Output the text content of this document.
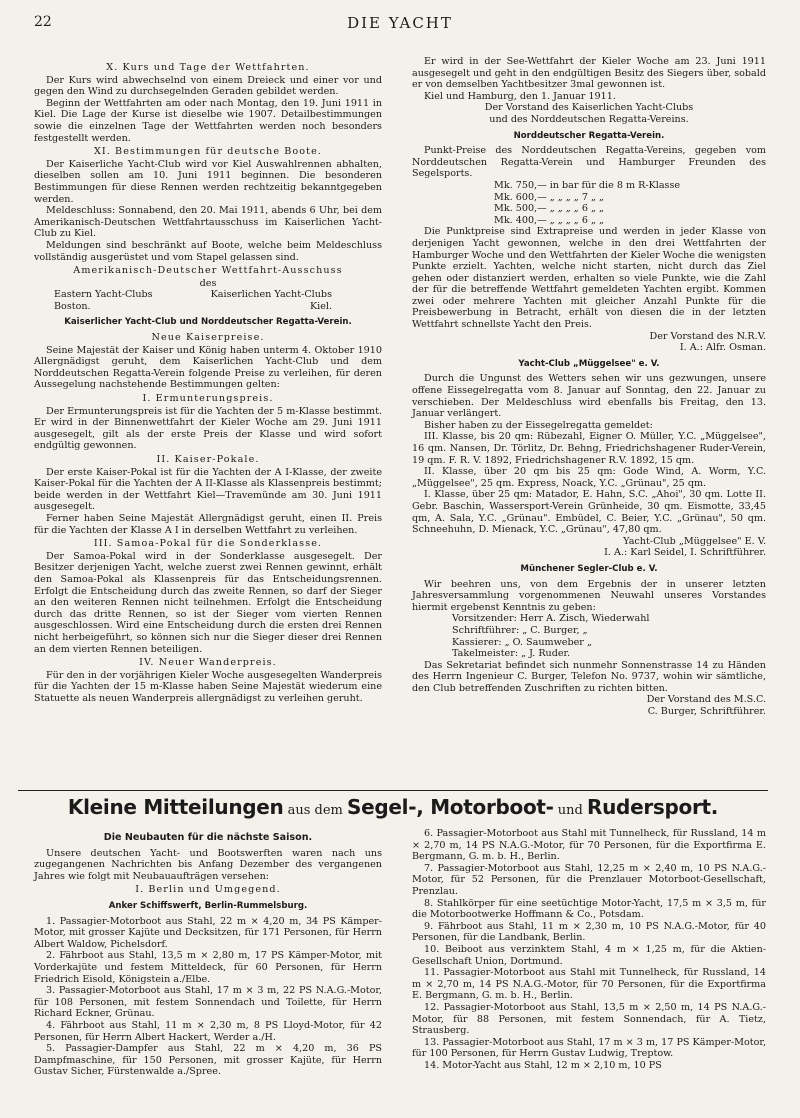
22	DIE YACHT
X. Kurs und Tage der Wettfahrten.

Der Kurs wird abwechselnd von einem Dreieck und einer vor und gegen den Wind zu durchsegelnden Geraden gebildet werden.

Beginn der Wettfahrten am oder nach Montag, den 19. Juni 1911 in Kiel. Die Lage der Kurse ist dieselbe wie 1907. Detailbestimmungen sowie die einzelnen Tage der Wettfahrten werden noch besonders festgestellt werden.

XI. Bestimmungen für deutsche Boote.

Der Kaiserliche Yacht-Club wird vor Kiel Auswahlrennen abhalten, dieselben sollen am 10. Juni 1911 beginnen. Die besonderen Bestimmungen für diese Rennen werden rechtzeitig bekanntgegeben werden.

Meldeschluss: Sonnabend, den 20. Mai 1911, abends 6 Uhr, bei dem Amerikanisch-Deutschen Wettfahrtausschuss im Kaiserlichen Yacht-Club zu Kiel.

Meldungen sind beschränkt auf Boote, welche beim Meldeschluss vollständig ausgerüstet und vom Stapel gelassen sind.

Amerikanisch-Deutscher Wettfahrt-Ausschuss
des
Eastern Yacht-Clubs	Kaiserlichen Yacht-Clubs
Boston.	Kiel.
Kaiserlicher Yacht-Club und Norddeutscher Regatta-Verein.
Neue Kaiserpreise.

Seine Majestät der Kaiser und König haben unterm 4. Oktober 1910 Allergnädigst geruht, dem Kaiserlichen Yacht-Club und dem Norddeutschen Regatta-Verein folgende Preise zu verleihen, für deren Aussegelung nachstehende Bestimmungen gelten:

I. Ermunterungspreis.

Der Ermunterungspreis ist für die Yachten der 5 m-Klasse bestimmt. Er wird in der Binnenwettfahrt der Kieler Woche am 29. Juni 1911 ausgesegelt, gilt als der erste Preis der Klasse und wird sofort endgültig gewonnen.

II. Kaiser-Pokale.

Der erste Kaiser-Pokal ist für die Yachten der A I-Klasse, der zweite Kaiser-Pokal für die Yachten der A II-Klasse als Klassenpreis bestimmt; beide werden in der Wettfahrt Kiel—Travemünde am 30. Juni 1911 ausgesegelt.

Ferner haben Seine Majestät Allergnädigst geruht, einen II. Preis für die Yachten der Klasse A I in derselben Wettfahrt zu verleihen.

III. Samoa-Pokal für die Sonderklasse.

Der Samoa-Pokal wird in der Sonderklasse ausgesegelt. Der Besitzer derjenigen Yacht, welche zuerst zwei Rennen gewinnt, erhält den Samoa-Pokal als Klassenpreis für das Entscheidungsrennen. Erfolgt die Entscheidung durch das zweite Rennen, so darf der Sieger an den weiteren Rennen nicht teilnehmen. Erfolgt die Entscheidung durch das dritte Rennen, so ist der Sieger vom vierten Rennen ausgeschlossen. Wird eine Entscheidung durch die ersten drei Rennen nicht herbeigeführt, so können sich nur die Sieger dieser drei Rennen an dem vierten Rennen beteiligen.

IV. Neuer Wanderpreis.

Für den in der vorjährigen Kieler Woche ausgesegelten Wanderpreis für die Yachten der 15 m-Klasse haben Seine Majestät wiederum eine Statuette als neuen Wanderpreis allergnädigst zu verleihen geruht.

Er wird in der See-Wettfahrt der Kieler Woche am 23. Juni 1911 ausgesegelt und geht in den endgültigen Besitz des Siegers über, sobald er von demselben Yachtbesitzer 3mal gewonnen ist.

Kiel und Hamburg, den 1. Januar 1911.

Der Vorstand des Kaiserlichen Yacht-Clubs
und des Norddeutschen Regatta-Vereins.
Norddeutscher Regatta-Verein.

Punkt-Preise des Norddeutschen Regatta-Vereins, gegeben vom Norddeutschen Regatta-Verein und Hamburger Freunden des Segelsports.

Mk. 750,— in bar für die 8 m R-Klasse
Mk. 600,— „ „ „ „ 7 „ „
Mk. 500,— „ „ „ „ 6 „ „
Mk. 400,— „ „ „ „ 6 „ „

Die Punktpreise sind Extrapreise und werden in jeder Klasse von derjenigen Yacht gewonnen, welche in den drei Wettfahrten der Hamburger Woche und den Wettfahrten der Kieler Woche die wenigsten Punkte erzielt. Yachten, welche nicht starten, nicht durch das Ziel gehen oder distanziert werden, erhalten so viele Punkte, wie die Zahl der für die betreffende Wettfahrt gemeldeten Yachten ergibt. Kommen zwei oder mehrere Yachten mit gleicher Anzahl Punkte für die Preisbewerbung in Betracht, erhält von diesen die in der letzten Wettfahrt schnellste Yacht den Preis.

Der Vorstand des N.R.V.
I. A.: Alfr. Osman.
Yacht-Club „Müggelsee" e. V.

Durch die Ungunst des Wetters sehen wir uns gezwungen, unsere offene Eissegelregatta vom 8. Januar auf Sonntag, den 22. Januar zu verschieben. Der Meldeschluss wird ebenfalls bis Freitag, den 13. Januar verlängert.

Bisher haben zu der Eissegelregatta gemeldet:

III. Klasse, bis 20 qm: Rübezahl, Eigner O. Müller, Y.C. „Müggelsee", 16 qm. Nansen, Dr. Törlitz, Dr. Behng, Friedrichshagener Ruder-Verein, 19 qm. F. R. V. 1892, Friedrichshagener R.V. 1892, 15 qm.

II. Klasse, über 20 qm bis 25 qm: Gode Wind, A. Worm, Y.C. „Müggelsee", 25 qm. Express, Noack, Y.C. „Grünau", 25 qm.

I. Klasse, über 25 qm: Matador, E. Hahn, S.C. „Ahoi", 30 qm. Lotte II. Gebr. Baschin, Wassersport-Verein Grünheide, 30 qm. Eismotte, 33,45 qm, A. Sala, Y.C. „Grünau". Embüdel, C. Beier, Y.C. „Grünau", 50 qm. Schneehuhn, D. Mienack, Y.C. „Grünau", 47,80 qm.

Yacht-Club „Müggelsee" E. V.
I. A.: Karl Seidel, I. Schriftführer.
Münchener Segler-Club e. V.

Wir beehren uns, von dem Ergebnis der in unserer letzten Jahresversammlung vorgenommenen Neuwahl unseres Vorstandes hiermit ergebenst Kenntnis zu geben:

Vorsitzender: Herr A. Zisch, Wiederwahl
Schriftführer: „ C. Burger, „
Kassierer: „ O. Saumweber „
Takelmeister: „ J. Ruder.

Das Sekretariat befindet sich nunmehr Sonnenstrasse 14 zu Händen des Herrn Ingenieur C. Burger, Telefon No. 9737, wohin wir sämtliche, den Club betreffenden Zuschriften zu richten bitten.

Der Vorstand des M.S.C.
C. Burger, Schriftführer.
Kleine Mitteilungen aus dem Segel-, Motorboot- und Rudersport.
Die Neubauten für die nächste Saison.

Unsere deutschen Yacht- und Bootswerften waren nach uns zugegangenen Nachrichten bis Anfang Dezember des vergangenen Jahres wie folgt mit Neubauaufträgen versehen:

I. Berlin und Umgegend.
Anker Schiffswerft, Berlin-Rummelsburg.

1. Passagier-Motorboot aus Stahl, 22 m × 4,20 m, 34 PS Kämper-Motor, mit grosser Kajüte und Decksitzen, für 171 Personen, für Herrn Albert Waldow, Pichelsdorf.

2. Fährboot aus Stahl, 13,5 m × 2,80 m, 17 PS Kämper-Motor, mit Vorderkajüte und festem Mitteldeck, für 60 Personen, für Herrn Friedrich Eisold, Königstein a./Elbe.

3. Passagier-Motorboot aus Stahl, 17 m × 3 m, 22 PS N.A.G.-Motor, für 108 Personen, mit festem Sonnendach und Toilette, für Herrn Richard Eckner, Grünau.

4. Fährboot aus Stahl, 11 m × 2,30 m, 8 PS Lloyd-Motor, für 42 Personen, für Herrn Albert Hackert, Werder a./H.

5. Passagier-Dampfer aus Stahl, 22 m × 4,20 m, 36 PS Dampfmaschine, für 150 Personen, mit grosser Kajüte, für Herrn Gustav Sicher, Fürstenwalde a./Spree.

6. Passagier-Motorboot aus Stahl mit Tunnelheck, für Russland, 14 m × 2,70 m, 14 PS N.A.G.-Motor, für 70 Personen, für die Exportfirma E. Bergmann, G. m. b. H., Berlin.

7. Passagier-Motorboot aus Stahl, 12,25 m × 2,40 m, 10 PS N.A.G.-Motor, für 52 Personen, für die Prenzlauer Motorboot-Gesellschaft, Prenzlau.

8. Stahlkörper für eine seetüchtige Motor-Yacht, 17,5 m × 3,5 m, für die Motorbootwerke Hoffmann & Co., Potsdam.

9. Fährboot aus Stahl, 11 m × 2,30 m, 10 PS N.A.G.-Motor, für 40 Personen, für die Landbank, Berlin.

10. Beiboot aus verzinktem Stahl, 4 m × 1,25 m, für die Aktien-Gesellschaft Union, Dortmund.

11. Passagier-Motorboot aus Stahl mit Tunnelheck, für Russland, 14 m × 2,70 m, 14 PS N.A.G.-Motor, für 70 Personen, für die Exportfirma E. Bergmann, G. m. b. H., Berlin.

12. Passagier-Motorboot aus Stahl, 13,5 m × 2,50 m, 14 PS N.A.G.-Motor, für 88 Personen, mit festem Sonnendach, für A. Tietz, Strausberg.

13. Passagier-Motorboot aus Stahl, 17 m × 3 m, 17 PS Kämper-Motor, für 100 Personen, für Herrn Gustav Ludwig, Treptow.

14. Motor-Yacht aus Stahl, 12 m × 2,10 m, 10 PS
